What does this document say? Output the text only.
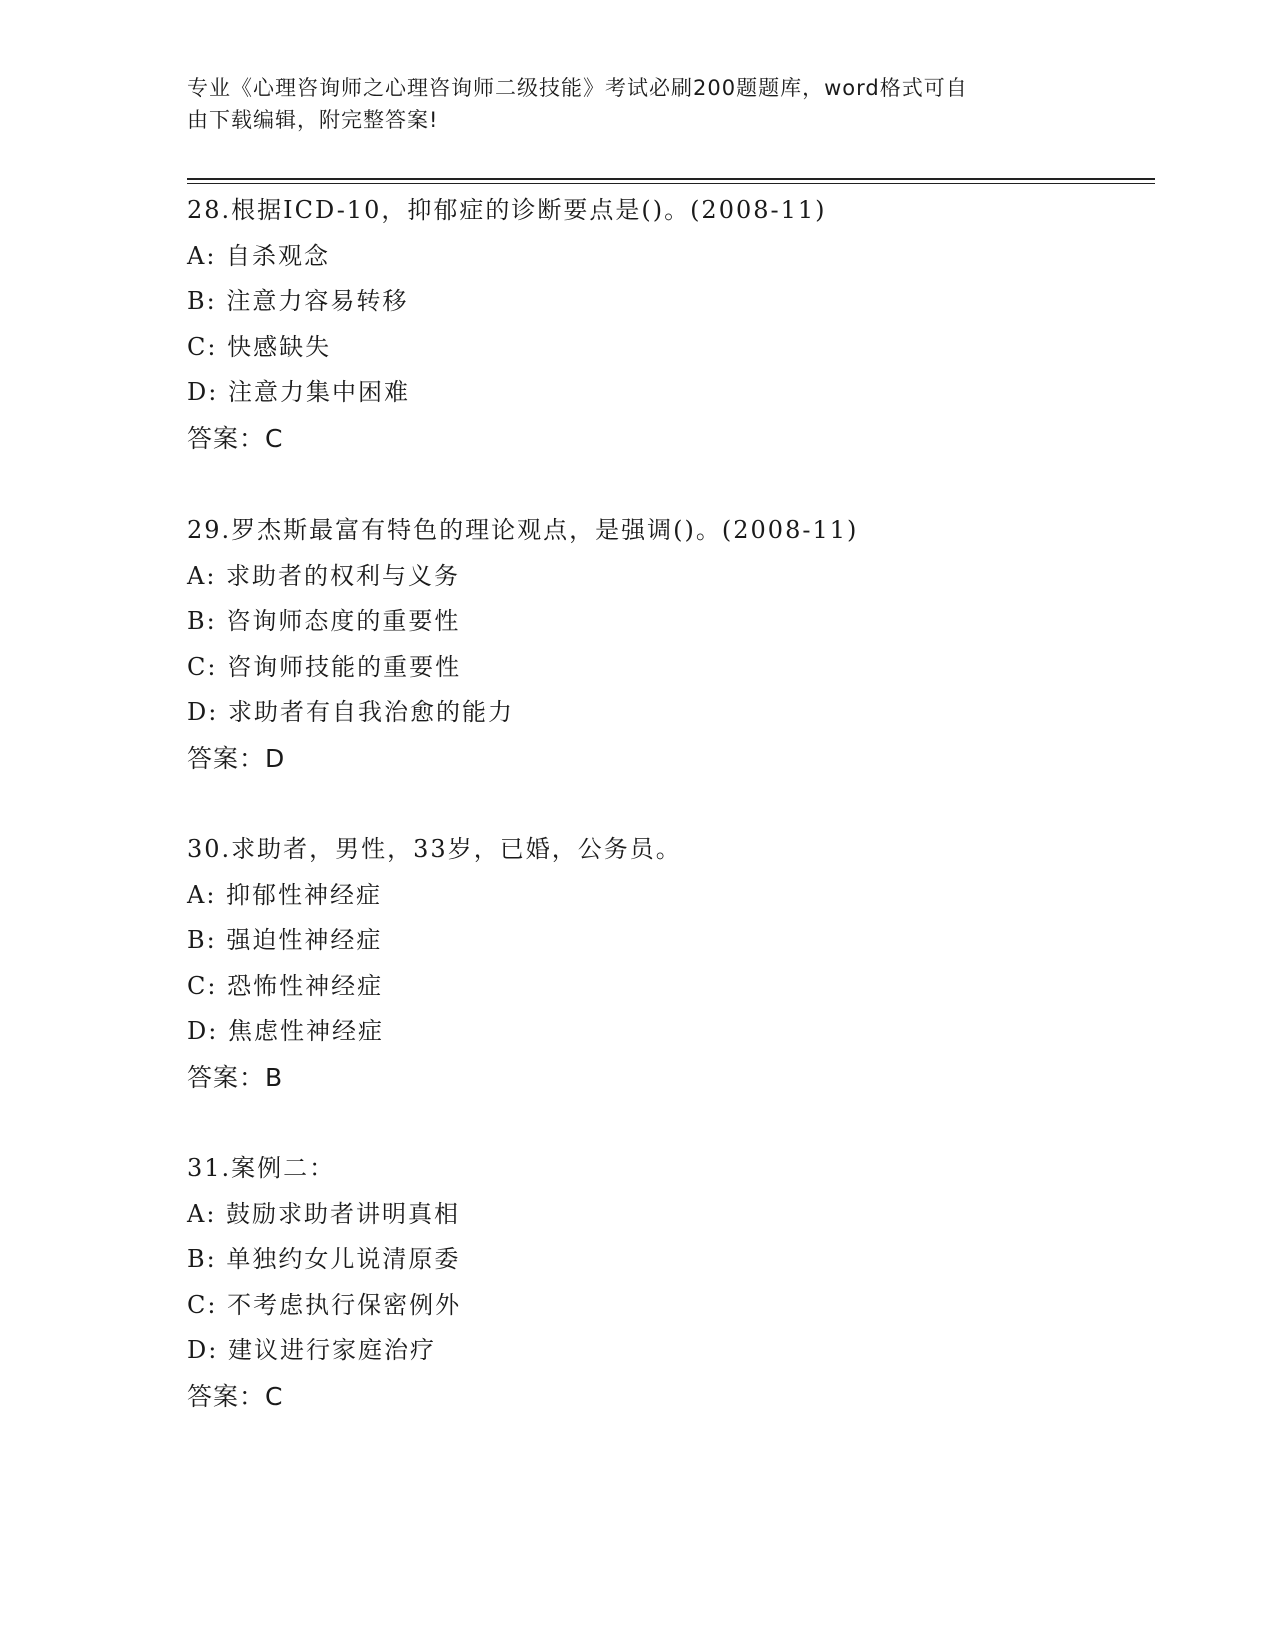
专业《心理咨询师之心理咨询师二级技能》考试必刷200题题库，word格式可自
由下载编辑，附完整答案!
28.根据ICD-10，抑郁症的诊断要点是()。(2008-11)
A: 自杀观念
B: 注意力容易转移
C: 快感缺失
D: 注意力集中困难
答案：C
29.罗杰斯最富有特色的理论观点，是强调()。(2008-11)
A: 求助者的权利与义务
B: 咨询师态度的重要性
C: 咨询师技能的重要性
D: 求助者有自我治愈的能力
答案：D
30.求助者，男性，33岁，已婚，公务员。
A: 抑郁性神经症
B: 强迫性神经症
C: 恐怖性神经症
D: 焦虑性神经症
答案：B
31.案例二：
A: 鼓励求助者讲明真相
B: 单独约女儿说清原委
C: 不考虑执行保密例外
D: 建议进行家庭治疗
答案：C
